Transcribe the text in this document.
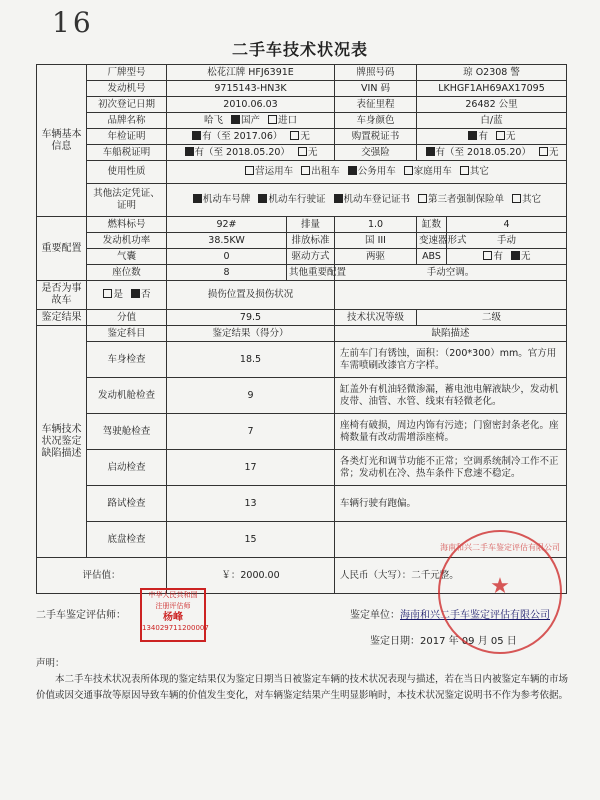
16
二手车技术状况表
车辆基本信息	厂牌型号	松花江牌 HFJ6391E		牌照号码	琼 O2308 警	
	发动机号	9715143-HN3K		VIN 码	LKHGF1AH69AX17095	
	初次登记日期	2010.06.03		表征里程	26482 公里	
	品牌名称	哈飞 国产 进口		车身颜色	白/蓝	
	年检证明	有（至 2017.06） 无		购置税证书	有 无	
	车船税证明	有（至 2018.05.20） 无		交强险	有（至 2018.05.20） 无	
	使用性质	营运用车 出租车 公务用车 家庭用车 其它				
	其他法定凭证、证明	机动车号牌 机动车行驶证 机动车登记证书 第三者强制保险单 其它				

重要配置	燃料标号	92#	排量	1.0	缸数	4
	发动机功率	38.5KW	排放标准	国 III	变速器形式	手动
	气囊	0	驱动方式	两驱	ABS	有 无
	座位数	8	其他重要配置	手动空调。		
是否为事故车	是 否	损伤位置及损伤状况				
鉴定结果	分值	79.5		技术状况等级	二级	
车辆技术状况鉴定缺陷描述	鉴定科目	鉴定结果（得分）		缺陷描述		
	车身检查	18.5		左前车门有锈蚀，面积：（200*300）mm。官方用车需喷刷改漆官方字样。		
	发动机舱检查	9		缸盖外有机油轻微渗漏，蓄电池电解液缺少，发动机皮带、油管、水管、线束有轻微老化。		
	驾驶舱检查	7		座椅有破损，周边内饰有污迹；门窗密封条老化。座椅数量有改动需增添座椅。		
	启动检查	17		各类灯光和调节功能不正常；空调系统制冷工作不正常；发动机在冷、热车条件下怠速不稳定。		
	路试检查	13		车辆行驶有跑偏。		
	底盘检查	15				
评估值：		￥：2000.00		人民币（大写）：二千元整。		
二手车鉴定评估师：
中华人民共和国
注册评估师
杨峰
134029711200007
鉴定单位：海南和兴二手车鉴定评估有限公司
鉴定日期：2017 年 09 月 05 日
海南和兴二手车鉴定评估有限公司
★
声明：
本二手车技术状况表所体现的鉴定结果仅为鉴定日期当日被鉴定车辆的技术状况表现与描述，若在当日内被鉴定车辆的市场价值或因交通事故等原因导致车辆的价值发生变化，对车辆鉴定结果产生明显影响时，本技术状况鉴定说明书不作为参考依据。
